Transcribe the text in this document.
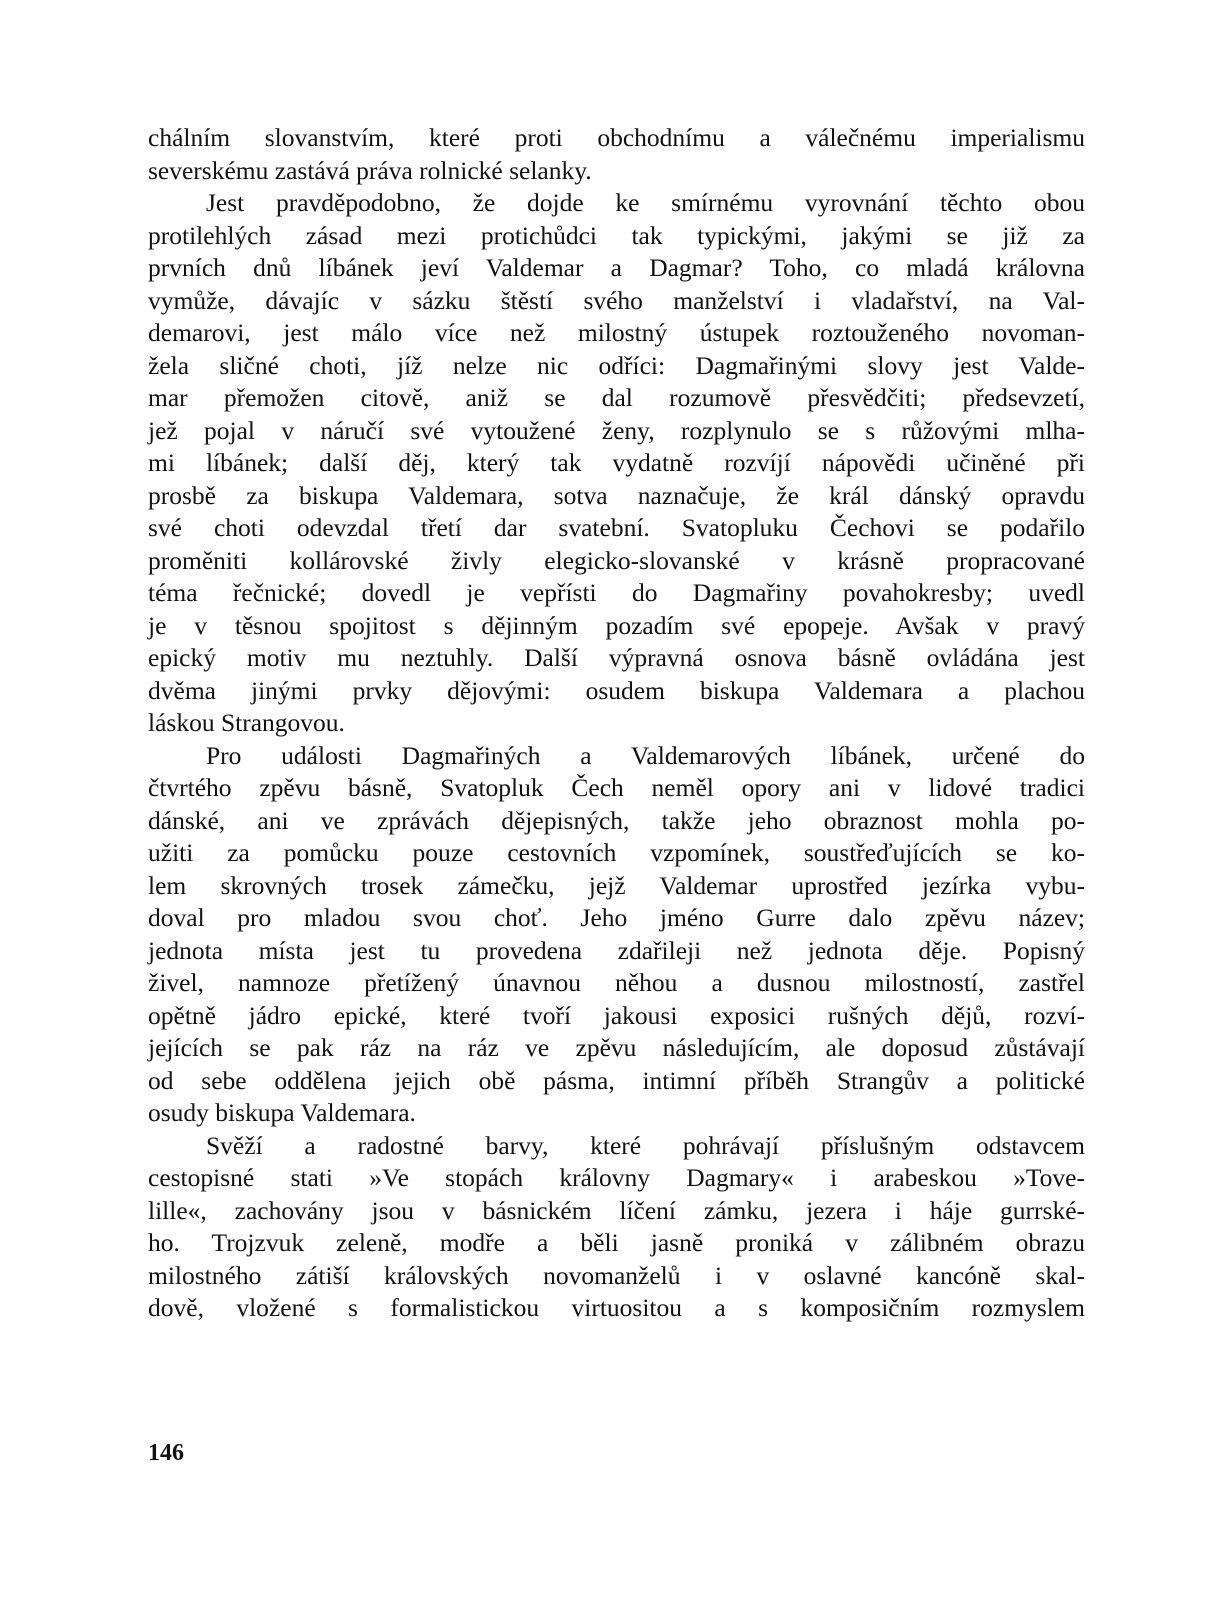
chálním slovanstvím, které proti obchodnímu a válečnému imperialismu
severskému zastává práva rolnické selanky.
Jest pravděpodobno, že dojde ke smírnému vyrovnání těchto obou
protilehlých zásad mezi protichůdci tak typickými, jakými se již za
prvních dnů líbánek jeví Valdemar a Dagmar? Toho, co mladá královna
vymůže, dávajíc v sázku štěstí svého manželství i vladařství, na Val-
demarovi, jest málo více než milostný ústupek roztouženého novoman-
žela sličné choti, jíž nelze nic odříci: Dagmařinými slovy jest Valde-
mar přemožen citově, aniž se dal rozumově přesvědčiti; předsevzetí,
jež pojal v náručí své vytoužené ženy, rozplynulo se s růžovými mlha-
mi líbánek; další děj, který tak vydatně rozvíjí nápovědi učiněné při
prosbě za biskupa Valdemara, sotva naznačuje, že král dánský opravdu
své choti odevzdal třetí dar svatební. Svatopluku Čechovi se podařilo
proměniti kollárovské živly elegicko-slovanské v krásně propracované
téma řečnické; dovedl je vepřísti do Dagmařiny povahokresby; uvedl
je v těsnou spojitost s dějinným pozadím své epopeje. Avšak v pravý
epický motiv mu neztuhly. Další výpravná osnova básně ovládána jest
dvěma jinými prvky dějovými: osudem biskupa Valdemara a plachou
láskou Strangovou.
Pro události Dagmařiných a Valdemarových líbánek, určené do
čtvrtého zpěvu básně, Svatopluk Čech neměl opory ani v lidové tradici
dánské, ani ve zprávách dějepisných, takže jeho obraznost mohla po-
užiti za pomůcku pouze cestovních vzpomínek, soustřeďujících se ko-
lem skrovných trosek zámečku, jejž Valdemar uprostřed jezírka vybu-
doval pro mladou svou choť. Jeho jméno Gurre dalo zpěvu název;
jednota místa jest tu provedena zdařileji než jednota děje. Popisný
živel, namnoze přetížený únavnou něhou a dusnou milostností, zastřel
opětně jádro epické, které tvoří jakousi exposici rušných dějů, rozví-
jejících se pak ráz na ráz ve zpěvu následujícím, ale doposud zůstávají
od sebe oddělena jejich obě pásma, intimní příběh Strangův a politické
osudy biskupa Valdemara.
Svěží a radostné barvy, které pohrávají příslušným odstavcem
cestopisné stati »Ve stopách královny Dagmary« i arabeskou »Tove-
lille«, zachovány jsou v básnickém líčení zámku, jezera i háje gurrské-
ho. Trojzvuk zeleně, modře a běli jasně proniká v zálibném obrazu
milostného zátiší královských novomanželů i v oslavné kancóně skal-
dově, vložené s formalistickou virtuositou a s komposičním rozmyslem
146
